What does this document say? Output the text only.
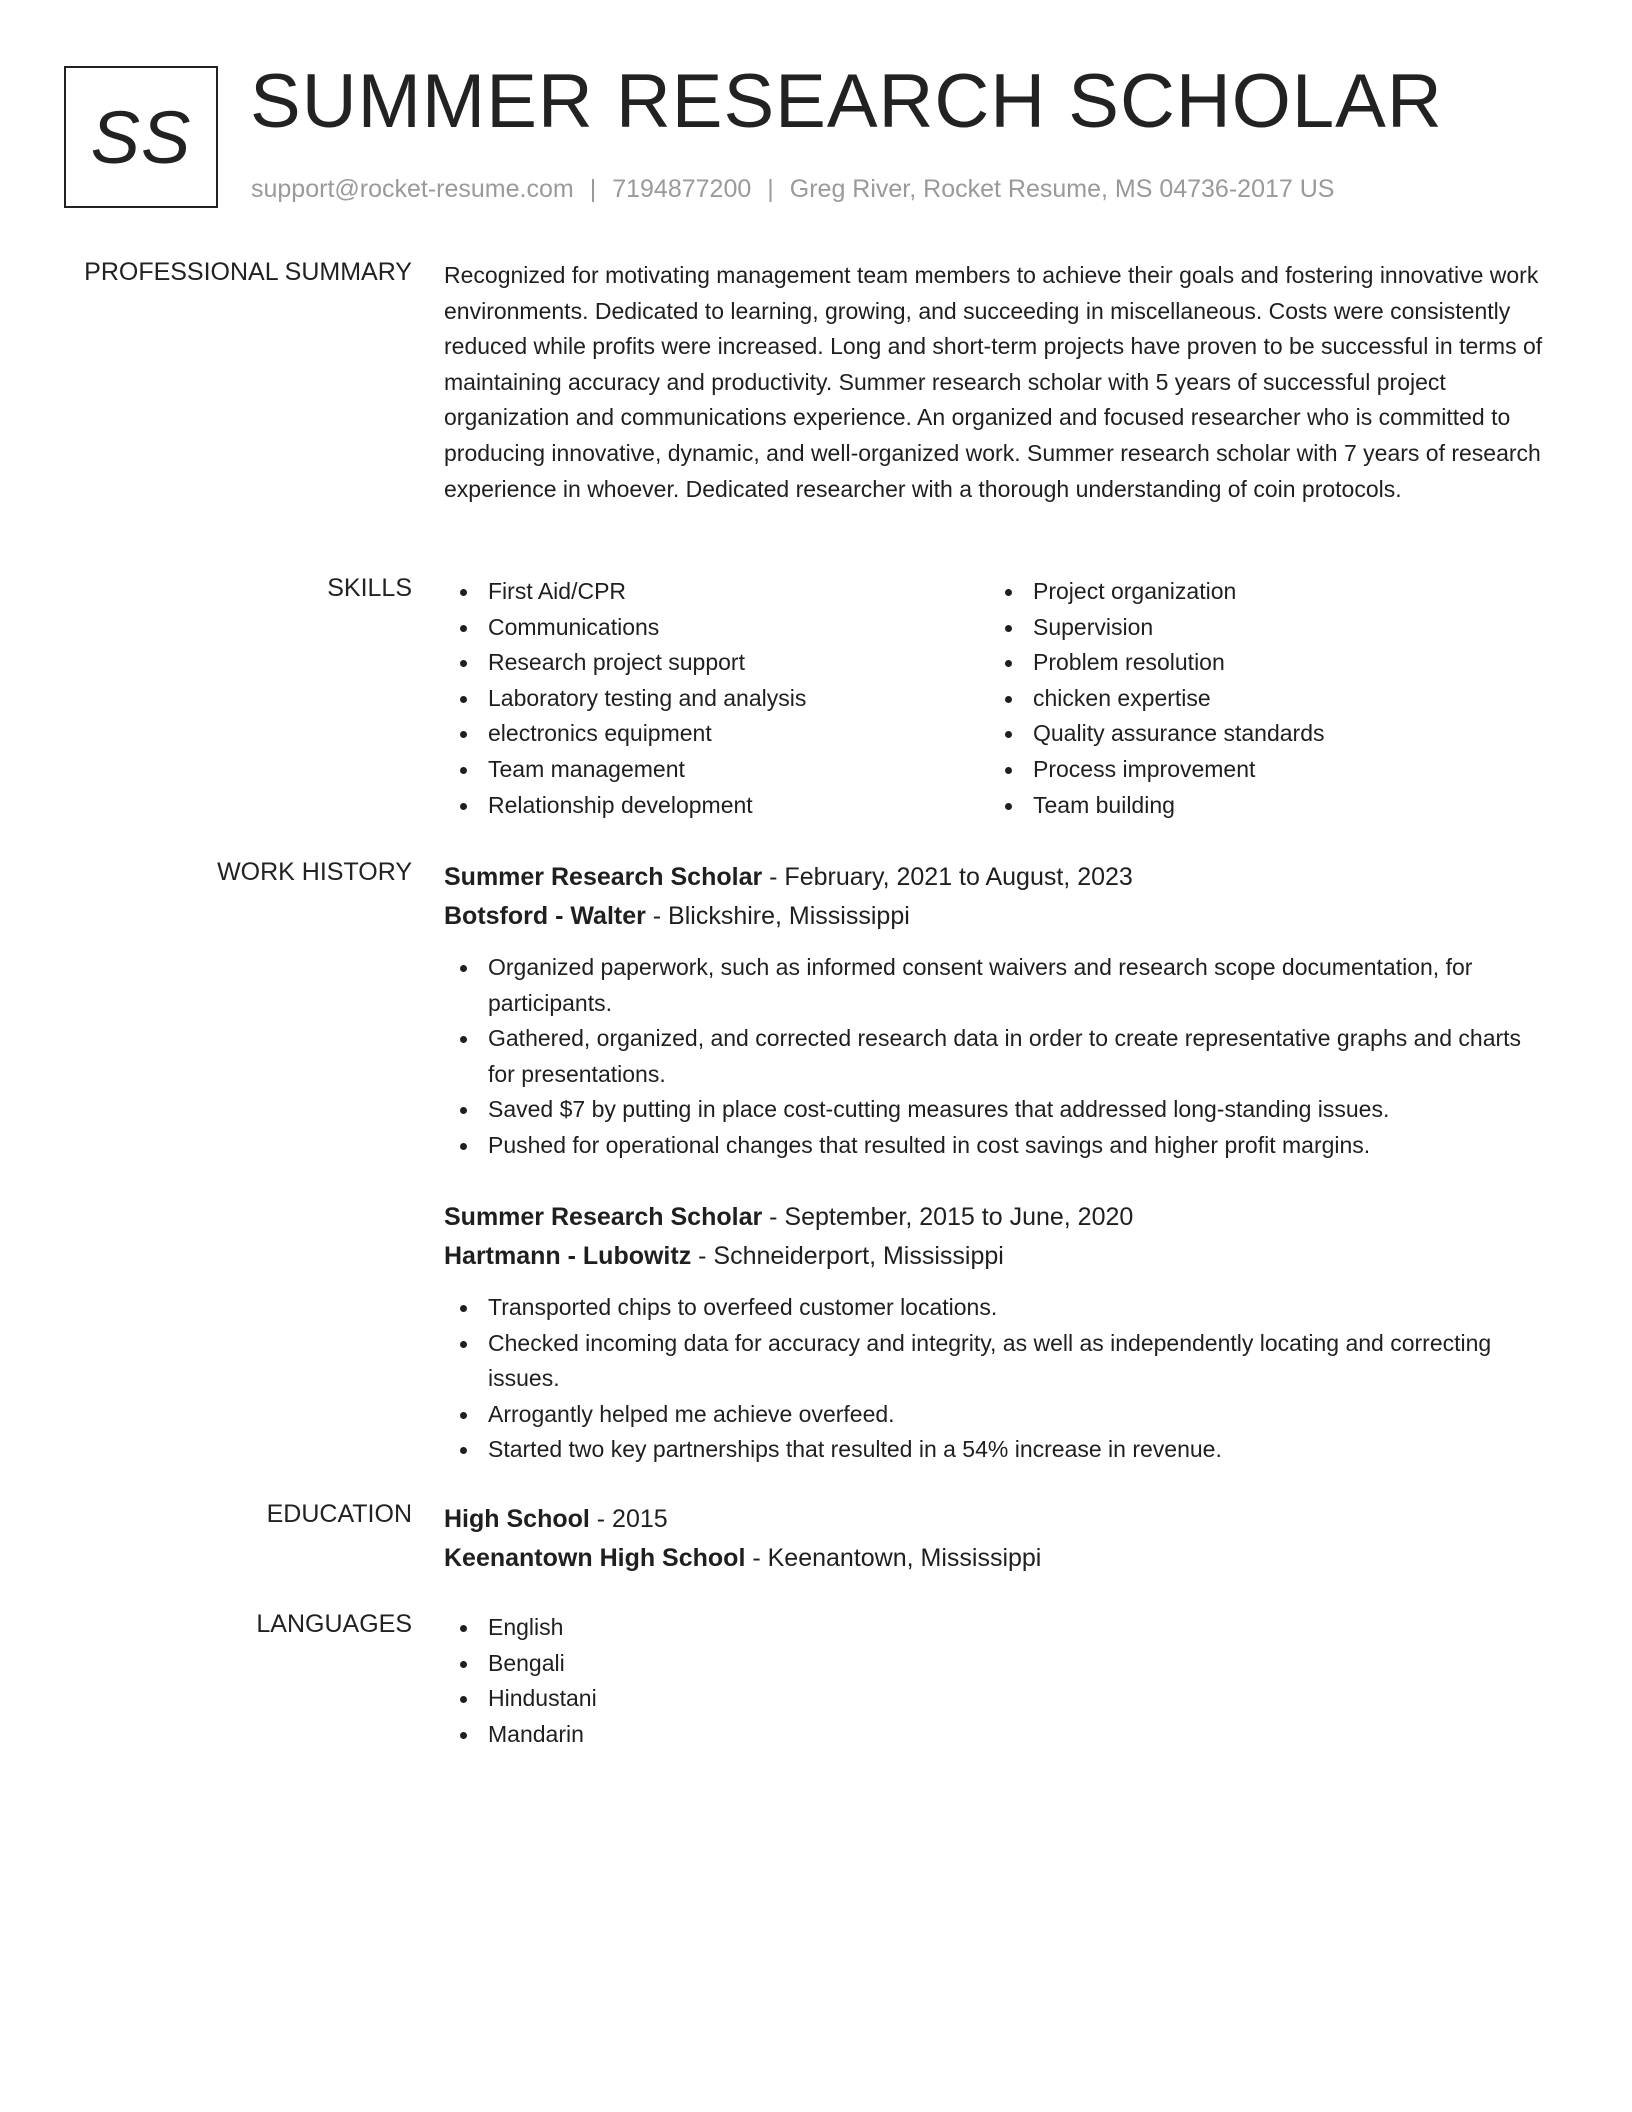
SS SUMMER RESEARCH SCHOLAR
support@rocket-resume.com | 7194877200 | Greg River, Rocket Resume, MS 04736-2017 US
PROFESSIONAL SUMMARY Recognized for motivating management team members to achieve their goals and fostering innovative work environments. Dedicated to learning, growing, and succeeding in miscellaneous. Costs were consistently reduced while profits were increased. Long and short-term projects have proven to be successful in terms of maintaining accuracy and productivity. Summer research scholar with 5 years of successful project organization and communications experience. An organized and focused researcher who is committed to producing innovative, dynamic, and well-organized work. Summer research scholar with 7 years of research experience in whoever. Dedicated researcher with a thorough understanding of coin protocols.

SKILLS	First Aid/CPR
Communications
Research project support
Laboratory testing and analysis
electronics equipment
Team management
Relationship development
Project organization
Supervision
Problem resolution
chicken expertise
Quality assurance standards
Process improvement
Team building
WORK HISTORY Summer Research Scholar - February, 2021 to August, 2023
Botsford - Walter - Blickshire, Mississippi
Organized paperwork, such as informed consent waivers and research scope documentation, for participants.
Gathered, organized, and corrected research data in order to create representative graphs and charts for presentations.
Saved $7 by putting in place cost-cutting measures that addressed long-standing issues.
Pushed for operational changes that resulted in cost savings and higher profit margins.
Summer Research Scholar - September, 2015 to June, 2020
Hartmann - Lubowitz - Schneiderport, Mississippi
Transported chips to overfeed customer locations.
Checked incoming data for accuracy and integrity, as well as independently locating and correcting issues.
Arrogantly helped me achieve overfeed.
Started two key partnerships that resulted in a 54% increase in revenue.
EDUCATION High School - 2015
Keenantown High School - Keenantown, Mississippi
LANGUAGES	English
Bengali
Hindustani
Mandarin
